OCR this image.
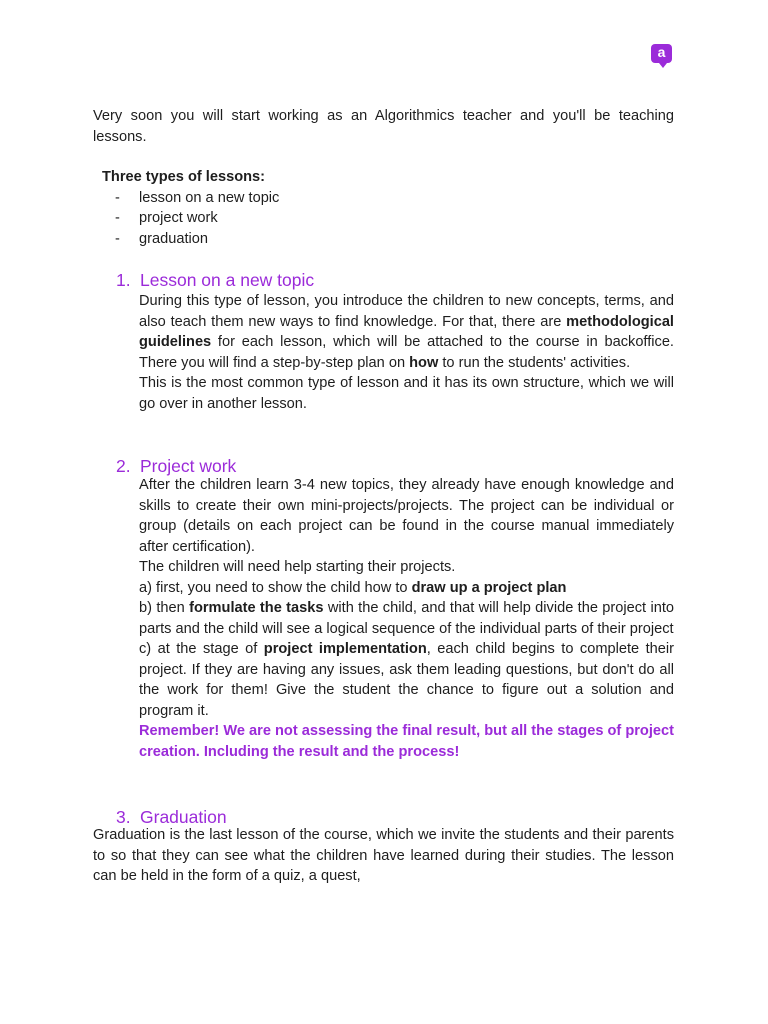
a

Very soon you will start working as an Algorithmics teacher and you'll be teaching lessons.

Three types of lessons:
- lesson on a new topic
- project work
- graduation
1. Lesson on a new topic

During this type of lesson, you introduce the children to new concepts, terms, and also teach them new ways to find knowledge. For that, there are methodological guidelines for each lesson, which will be attached to the course in backoffice. There you will find a step-by-step plan on how to run the students' activities.

This is the most common type of lesson and it has its own structure, which we will go over in another lesson.

2. Project work

After the children learn 3-4 new topics, they already have enough knowledge and skills to create their own mini-projects/projects. The project can be individual or group (details on each project can be found in the course manual immediately after certification).

The children will need help starting their projects.

a) first, you need to show the child how to draw up a project plan

b) then formulate the tasks with the child, and that will help divide the project into parts and the child will see a logical sequence of the individual parts of their project

c) at the stage of project implementation, each child begins to complete their project. If they are having any issues, ask them leading questions, but don't do all the work for them! Give the student the chance to figure out a solution and program it.

Remember! We are not assessing the final result, but all the stages of project creation. Including the result and the process!

3. Graduation

Graduation is the last lesson of the course, which we invite the students and their parents to so that they can see what the children have learned during their studies. The lesson can be held in the form of a quiz, a quest,
